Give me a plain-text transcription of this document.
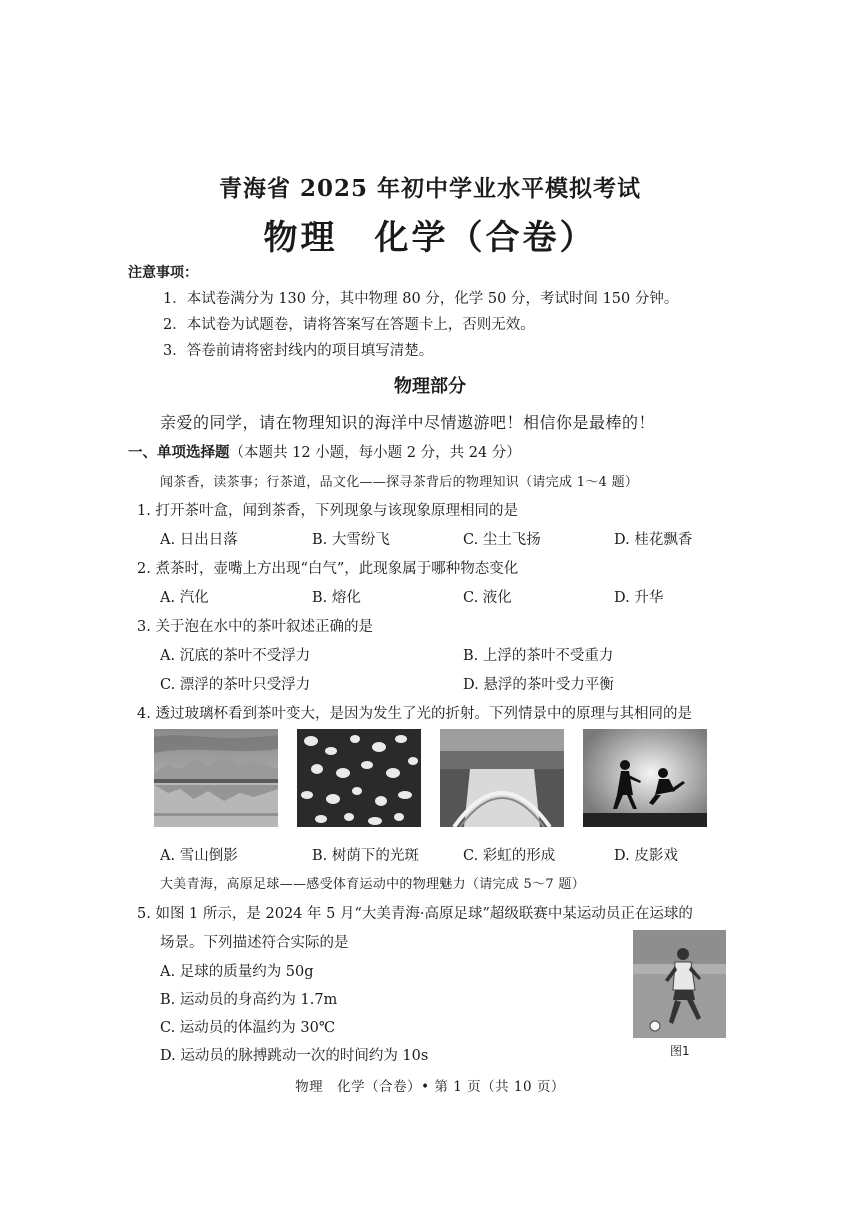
青海省 2025 年初中学业水平模拟考试
物理　化学（合卷）
注意事项：
1．本试卷满分为 130 分，其中物理 80 分，化学 50 分，考试时间 150 分钟。
2．本试卷为试题卷，请将答案写在答题卡上，否则无效。
3．答卷前请将密封线内的项目填写清楚。
物理部分
亲爱的同学，请在物理知识的海洋中尽情遨游吧！相信你是最棒的！
一、单项选择题（本题共 12 小题，每小题 2 分，共 24 分）
闻茶香，读茶事；行茶道，品文化——探寻茶背后的物理知识（请完成 1～4 题）
1. 打开茶叶盒，闻到茶香，下列现象与该现象原理相同的是
A. 日出日落	B. 大雪纷飞	C. 尘土飞扬	D. 桂花飘香
2. 煮茶时，壶嘴上方出现“白气”，此现象属于哪种物态变化
A. 汽化	B. 熔化	C. 液化	D. 升华
3. 关于泡在水中的茶叶叙述正确的是
A. 沉底的茶叶不受浮力	B. 上浮的茶叶不受重力
C. 漂浮的茶叶只受浮力	D. 悬浮的茶叶受力平衡
4. 透过玻璃杯看到茶叶变大，是因为发生了光的折射。下列情景中的原理与其相同的是
A. 雪山倒影	B. 树荫下的光斑	C. 彩虹的形成	D. 皮影戏
大美青海，高原足球——感受体育运动中的物理魅力（请完成 5～7 题）
5. 如图 1 所示，是 2024 年 5 月“大美青海·高原足球”超级联赛中某运动员正在运球的
场景。下列描述符合实际的是
A. 足球的质量约为 50g
B. 运动员的身高约为 1.7m
C. 运动员的体温约为 30℃
D. 运动员的脉搏跳动一次的时间约为 10s	图1
物理　化学（合卷）• 第 1 页（共 10 页）
